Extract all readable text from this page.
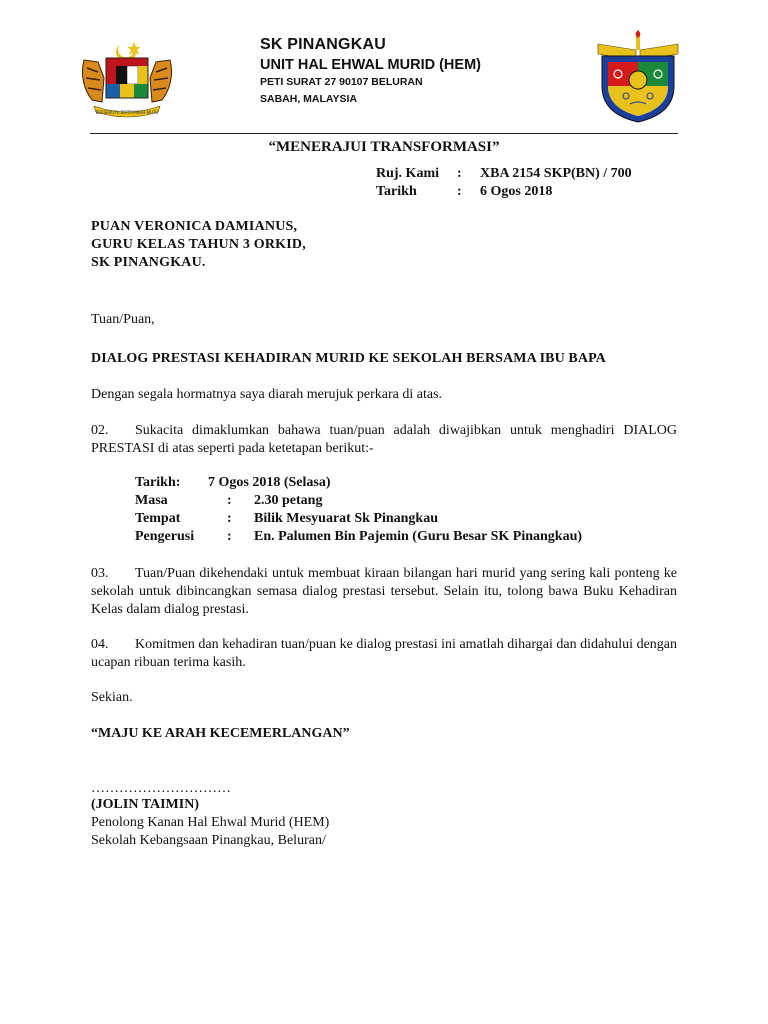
BERSEKUTU BERTAMBAH MUTU
SK PINANGKAU
UNIT HAL EHWAL MURID (HEM)
PETI SURAT 27 90107 BELURAN
SABAH, MALAYSIA
“MENERAJUI TRANSFORMASI”
Ruj. Kami : XBA 2154 SKP(BN) / 700
Tarikh	: 6 Ogos 2018
PUAN VERONICA DAMIANUS,
GURU KELAS TAHUN 3 ORKID,
SK PINANGKAU.
Tuan/Puan,
DIALOG PRESTASI KEHADIRAN MURID KE SEKOLAH BERSAMA IBU BAPA
Dengan segala hormatnya saya diarah merujuk perkara di atas.
02. Sukacita dimaklumkan bahawa tuan/puan adalah diwajibkan untuk menghadiri DIALOG PRESTASI di atas seperti pada ketetapan berikut:-
Tarikh: 7 Ogos 2018 (Selasa)
Masa	: 2.30 petang
Tempat	: Bilik Mesyuarat Sk Pinangkau
Pengerusi : En. Palumen Bin Pajemin (Guru Besar SK Pinangkau)
03. Tuan/Puan dikehendaki untuk membuat kiraan bilangan hari murid yang sering kali ponteng ke sekolah untuk dibincangkan semasa dialog prestasi tersebut. Selain itu, tolong bawa Buku Kehadiran Kelas dalam dialog prestasi.
04. Komitmen dan kehadiran tuan/puan ke dialog prestasi ini amatlah dihargai dan didahului dengan ucapan ribuan terima kasih.
Sekian.
“MAJU KE ARAH KECEMERLANGAN”
…………………………
(JOLIN TAIMIN)
Penolong Kanan Hal Ehwal Murid (HEM)
Sekolah Kebangsaan Pinangkau, Beluran/
